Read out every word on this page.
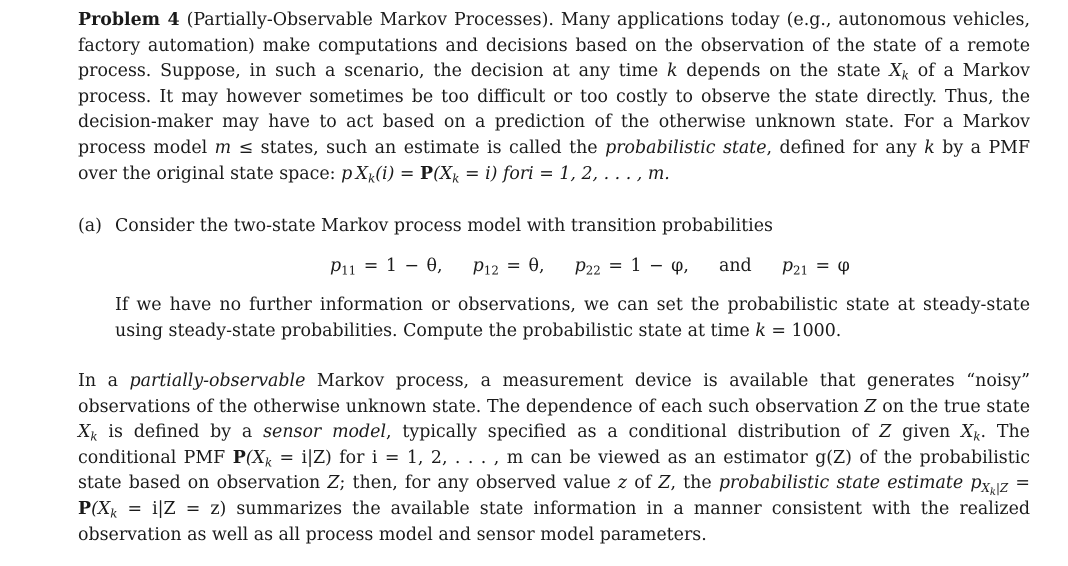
Problem 4 (Partially-Observable Markov Processes). Many applications today (e.g., autonomous vehicles, factory automation) make computations and decisions based on the observation of the state of a remote process. Suppose, in such a scenario, the decision at any time k depends on the state $X_k$ of a Markov process. It may however sometimes be too difficult or too costly to observe the state directly. Thus, the decision-maker may have to act based on a prediction of the otherwise unknown state. For a Markov process model m ≤ states, such an estimate is called the probabilistic state, defined for any k by a PMF over the original state space: p $X_k(i) = P(X_k = i)$ fori = 1, 2, . . . , m.

(a) Consider the two-state Markov process model with transition probabilities

$p_{11} = 1 - \theta$, $p_{12} = \theta$, $p_{22} = 1 - \varphi$, and $p_{21} = \varphi$

If we have no further information or observations, we can set the probabilistic state at steady-state using steady-state probabilities. Compute the probabilistic state at time k = 1000.

In a partially-observable Markov process, a measurement device is available that generates “noisy” observations of the otherwise unknown state. The dependence of each such observation Z on the true state $X_k$ is defined by a sensor model, typically specified as a conditional distribution of Z given $X_k$. The conditional PMF $P(X_k = i|Z)$ for i = 1, 2, . . . , m can be viewed as an estimator g(Z) of the probabilistic state based on observation Z; then, for any observed value z of Z, the probabilistic state estimate $p_{X_k|Z} = P(X_k = i|Z = z)$ summarizes the available state information in a manner consistent with the realized observation as well as all process model and sensor model parameters.
